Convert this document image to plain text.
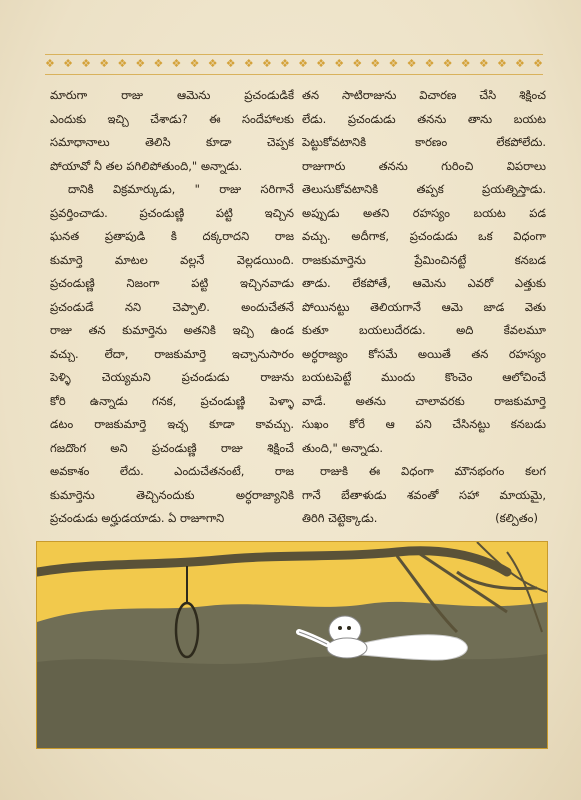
❖ ❖ ❖ ❖ ❖ ❖ ❖ ❖ ❖ ❖ ❖ ❖ ❖ ❖ ❖ ❖ ❖ ❖ ❖ ❖ ❖ ❖ ❖ ❖ ❖ ❖ ❖ ❖
మారుగా రాజు ఆమెను ప్రచండుడికే
ఎందుకు ఇచ్చి చేశాడు? ఈ సందేహాలకు
సమాధానాలు తెలిసి కూడా చెప్పక
పోయావో నీ తల పగిలిపోతుంది," అన్నాడు.
దానికి విక్రమార్కుడు, " రాజు సరిగానే
ప్రవర్తించాడు. ప్రచండుణ్ణి పట్టి ఇచ్చిన
ఘనత ప్రతాపుడి కి దక్కరాదని రాజ
కుమార్తె మాటల వల్లనే వెల్లడయింది.
ప్రచండుణ్ణి నిజంగా పట్టి ఇచ్చినవాడు
ప్రచండుడే నని చెప్పాలి. అందుచేతనే
రాజు తన కుమార్తెను అతనికి ఇచ్చి ఉండ
వచ్చు. లేదా, రాజకుమార్తె ఇచ్చానుసారం
పెళ్ళి చెయ్యమని ప్రచండుడు రాజును
కోరి ఉన్నాడు గనక, ప్రచండుణ్ణి పెళ్ళా
డటం రాజకుమార్తె ఇచ్ఛ కూడా కావచ్చు.
గజదొంగ అని ప్రచండుణ్ణి రాజు శిక్షించే
అవకాశం లేదు. ఎందుచేతనంటే, రాజ
కుమార్తెను తెచ్చినందుకు అర్ధరాజ్యానికి
ప్రచండుడు అర్హుడయాడు. ఏ రాజూగాని
తన సాటిరాజును విచారణ చేసి శిక్షించ
లేడు. ప్రచండుడు తనను తాను బయట
పెట్టుకోవటానికి కారణం లేకపోలేదు.
రాజుగారు తనను గురించి విపరాలు
తెలుసుకోవటానికి తప్పక ప్రయత్నిస్తాడు.
అప్పుడు అతని రహస్యం బయట పడ
వచ్చు. అదీగాక, ప్రచండుడు ఒక విధంగా
రాజకుమార్తెను ప్రేమించినట్టే కనబడ
తాడు. లేకపోతే, ఆమెను ఎవరో ఎత్తుకు
పోయినట్టు తెలియగానే ఆమె జాడ వెతు
కుతూ బయలుదేరడు. అది కేవలమూ
అర్ధరాజ్యం కోసమే అయితే తన రహస్యం
బయటపెట్టే ముందు కొంచెం ఆలోచించే
వాడే. అతను చాలావరకు రాజకుమార్తె
సుఖం కోరే ఆ పని చేసినట్టు కనబడు
తుంది," అన్నాడు.
రాజుకి ఈ విధంగా మౌనభంగం కలగ
గానే బేతాళుడు శవంతో సహా మాయమై,
తిరిగి చెట్టెక్కాడు.	(కల్పితం)
